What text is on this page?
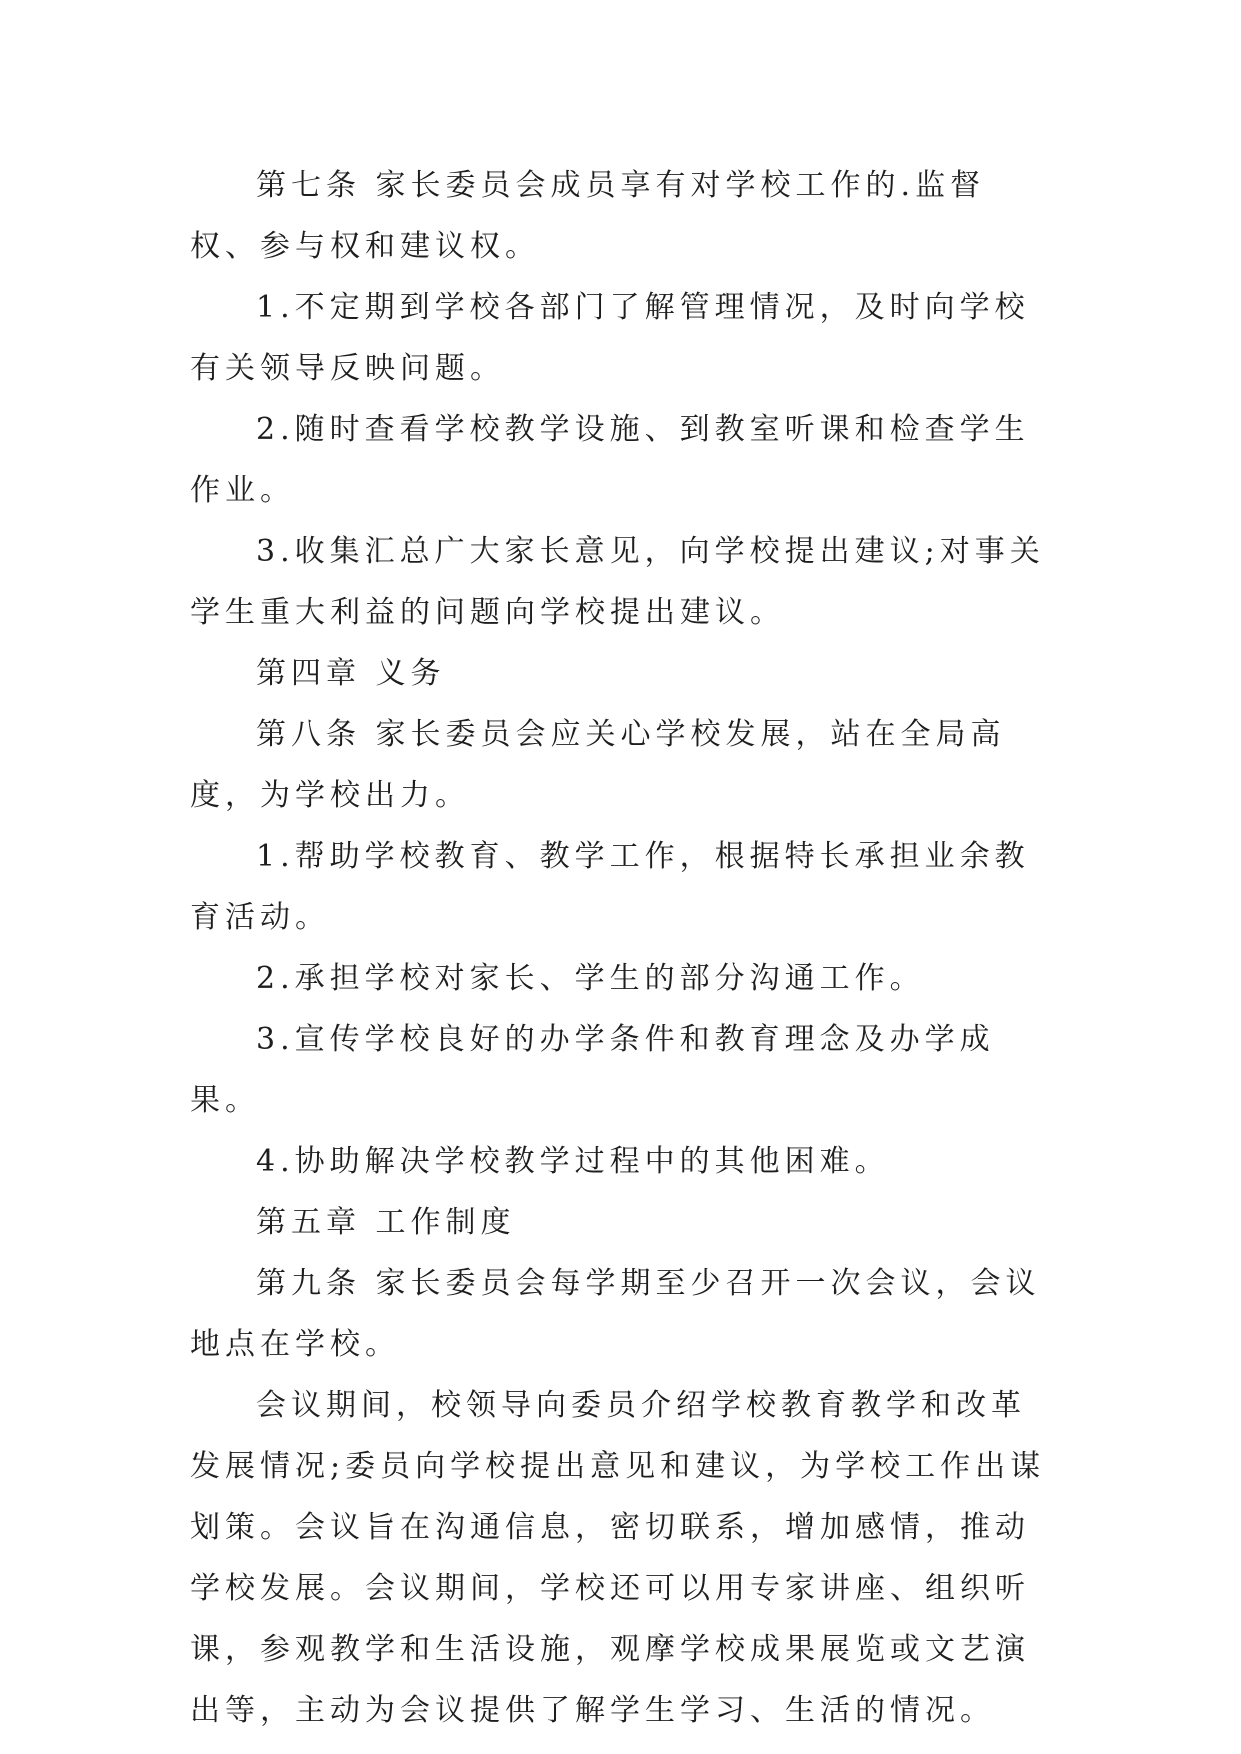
第七条 家长委员会成员享有对学校工作的.监督权、参与权和建议权。

1.不定期到学校各部门了解管理情况，及时向学校有关领导反映问题。

2.随时查看学校教学设施、到教室听课和检查学生作业。

3.收集汇总广大家长意见，向学校提出建议;对事关学生重大利益的问题向学校提出建议。

第四章 义务

第八条 家长委员会应关心学校发展，站在全局高度，为学校出力。

1.帮助学校教育、教学工作，根据特长承担业余教育活动。

2.承担学校对家长、学生的部分沟通工作。

3.宣传学校良好的办学条件和教育理念及办学成果。

4.协助解决学校教学过程中的其他困难。

第五章 工作制度

第九条 家长委员会每学期至少召开一次会议，会议地点在学校。

会议期间，校领导向委员介绍学校教育教学和改革发展情况;委员向学校提出意见和建议，为学校工作出谋划策。会议旨在沟通信息，密切联系，增加感情，推动学校发展。会议期间，学校还可以用专家讲座、组织听课，参观教学和生活设施，观摩学校成果展览或文艺演出等，主动为会议提供了解学生学习、生活的情况。
